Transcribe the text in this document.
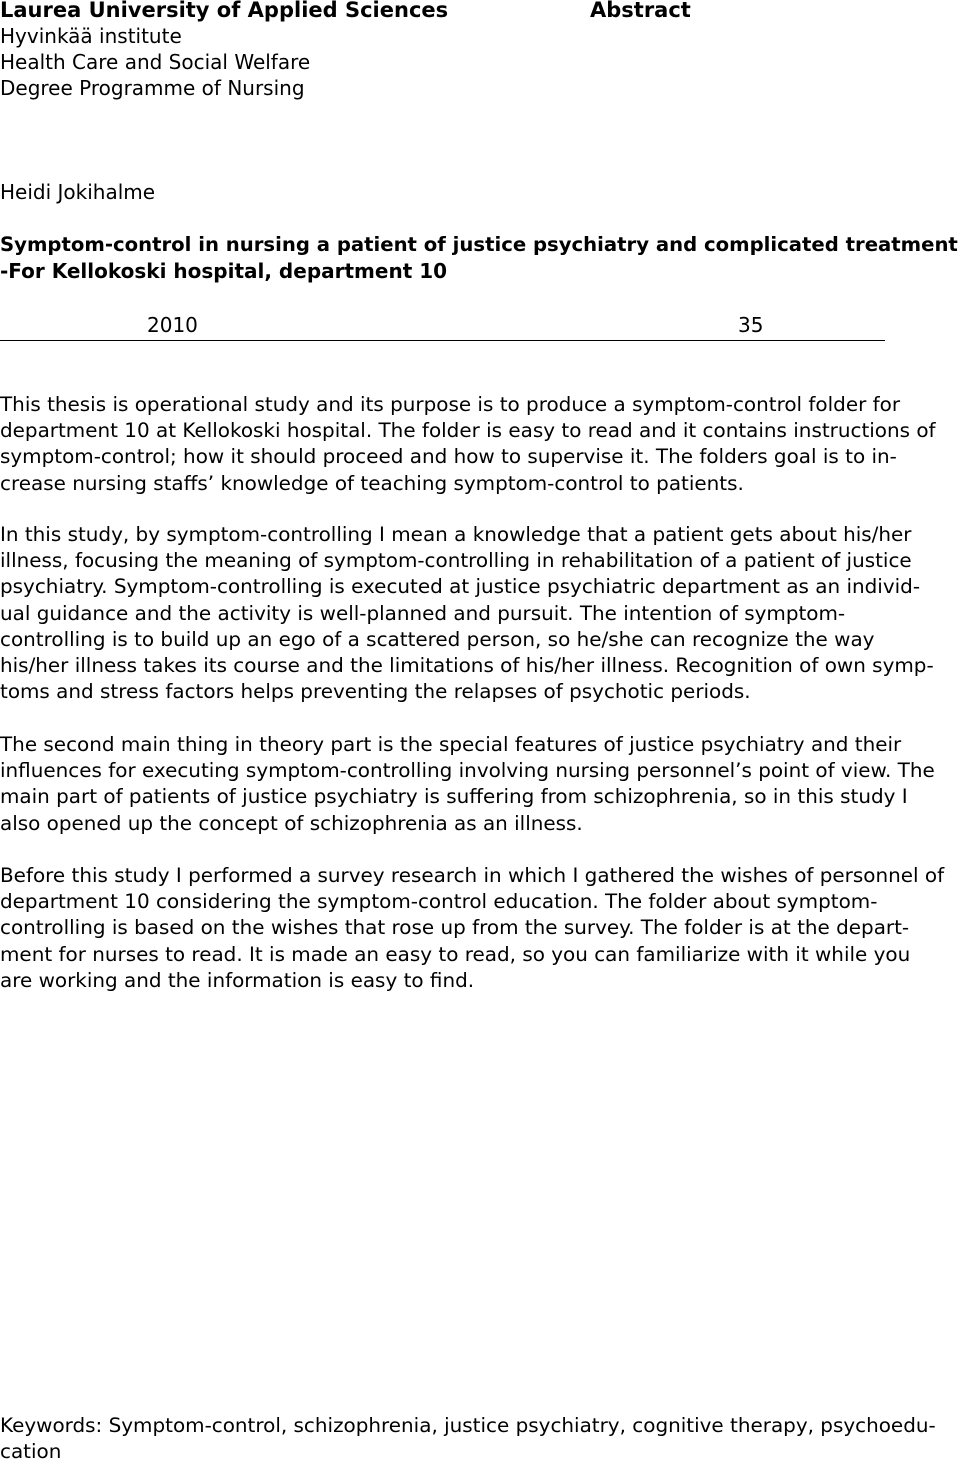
Laurea University of Applied Sciences	Abstract
Hyvinkää institute
Health Care and Social Welfare
Degree Programme of Nursing
Heidi Jokihalme
Symptom-control in nursing a patient of justice psychiatry and complicated treatment
-For Kellokoski hospital, department 10
2010	35

This thesis is operational study and its purpose is to produce a symptom-control folder for
department 10 at Kellokoski hospital. The folder is easy to read and it contains instructions of
symptom-control; how it should proceed and how to supervise it. The folders goal is to in-
crease nursing staffs’ knowledge of teaching symptom-control to patients.

In this study, by symptom-controlling I mean a knowledge that a patient gets about his/her
illness, focusing the meaning of symptom-controlling in rehabilitation of a patient of justice
psychiatry. Symptom-controlling is executed at justice psychiatric department as an individ-
ual guidance and the activity is well-planned and pursuit. The intention of symptom-
controlling is to build up an ego of a scattered person, so he/she can recognize the way
his/her illness takes its course and the limitations of his/her illness. Recognition of own symp-
toms and stress factors helps preventing the relapses of psychotic periods.

The second main thing in theory part is the special features of justice psychiatry and their
influences for executing symptom-controlling involving nursing personnel’s point of view. The
main part of patients of justice psychiatry is suffering from schizophrenia, so in this study I
also opened up the concept of schizophrenia as an illness.

Before this study I performed a survey research in which I gathered the wishes of personnel of
department 10 considering the symptom-control education. The folder about symptom-
controlling is based on the wishes that rose up from the survey. The folder is at the depart-
ment for nurses to read. It is made an easy to read, so you can familiarize with it while you
are working and the information is easy to find.

Keywords: Symptom-control, schizophrenia, justice psychiatry, cognitive therapy, psychoedu-
cation
